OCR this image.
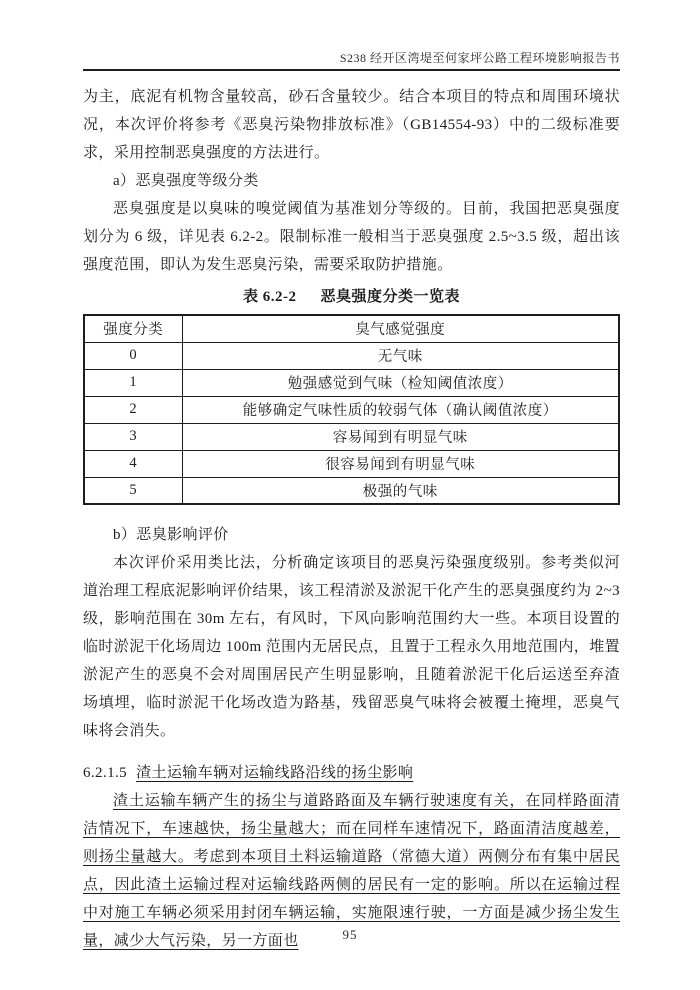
S238 经开区湾堤至何家坪公路工程环境影响报告书

为主，底泥有机物含量较高，砂石含量较少。结合本项目的特点和周围环境状况，本次评价将参考《恶臭污染物排放标准》（GB14554-93）中的二级标准要求，采用控制恶臭强度的方法进行。

a）恶臭强度等级分类

恶臭强度是以臭味的嗅觉阈值为基准划分等级的。目前，我国把恶臭强度划分为 6 级，详见表 6.2-2。限制标准一般相当于恶臭强度 2.5~3.5 级，超出该强度范围，即认为发生恶臭污染，需要采取防护措施。

表 6.2-2 恶臭强度分类一览表
强度分类	臭气感觉强度
0	无气味
1	勉强感觉到气味（检知阈值浓度）
2	能够确定气味性质的较弱气体（确认阈值浓度）
3	容易闻到有明显气味
4	很容易闻到有明显气味
5	极强的气味

b）恶臭影响评价

本次评价采用类比法，分析确定该项目的恶臭污染强度级别。参考类似河道治理工程底泥影响评价结果，该工程清淤及淤泥干化产生的恶臭强度约为 2~3 级，影响范围在 30m 左右，有风时，下风向影响范围约大一些。本项目设置的临时淤泥干化场周边 100m 范围内无居民点，且置于工程永久用地范围内，堆置淤泥产生的恶臭不会对周围居民产生明显影响，且随着淤泥干化后运送至弃渣场填埋，临时淤泥干化场改造为路基，残留恶臭气味将会被覆土掩埋，恶臭气味将会消失。

6.2.1.5 渣土运输车辆对运输线路沿线的扬尘影响

渣土运输车辆产生的扬尘与道路路面及车辆行驶速度有关，在同样路面清洁情况下，车速越快，扬尘量越大；而在同样车速情况下，路面清洁度越差，则扬尘量越大。考虑到本项目土料运输道路（常德大道）两侧分布有集中居民点，因此渣土运输过程对运输线路两侧的居民有一定的影响。所以在运输过程中对施工车辆必须采用封闭车辆运输，实施限速行驶，一方面是减少扬尘发生量，减少大气污染，另一方面也	95
